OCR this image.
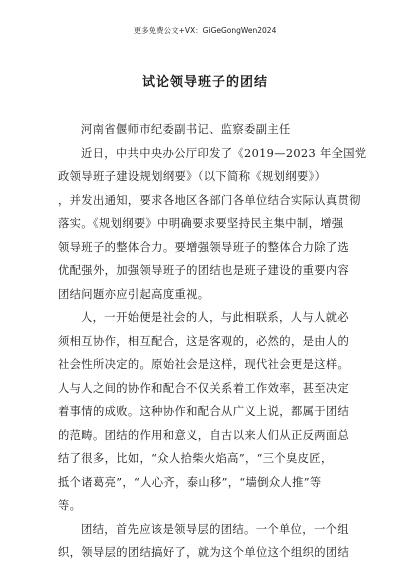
更多免费公文+VX：GiGeGongWen2024
试论领导班子的团结
河南省偃师市纪委副书记、监察委副主任
近日，中共中央办公厅印发了《2019—2023 年全国党
政领导班子建设规划纲要》（以下简称《规划纲要》）
，并发出通知，要求各地区各部门各单位结合实际认真贯彻
落实。《规划纲要》中明确要求要坚持民主集中制，增强
领导班子的整体合力。要增强领导班子的整体合力除了选
优配强外，加强领导班子的团结也是班子建设的重要内容
团结问题亦应引起高度重视。
人，一开始便是社会的人，与此相联系，人与人就必
须相互协作，相互配合，这是客观的，必然的，是由人的
社会性所决定的。原始社会是这样，现代社会更是这样。
人与人之间的协作和配合不仅关系着工作效率，甚至决定
着事情的成败。这种协作和配合从广义上说，都属于团结
的范畴。团结的作用和意义，自古以来人们从正反两面总
结了很多，比如，“众人拾柴火焰高”，“三个臭皮匠，
抵个诸葛亮”，“人心齐，泰山移”，“墙倒众人推”等
等。
团结，首先应该是领导层的团结。一个单位，一个组
织，领导层的团结搞好了，就为这个单位这个组织的团结
